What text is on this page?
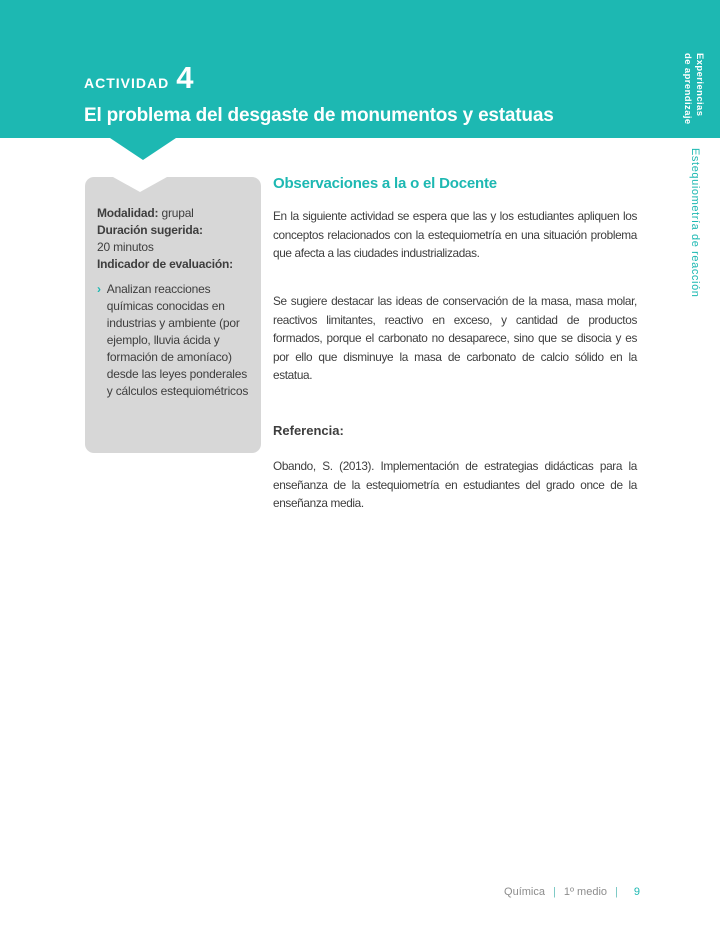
ACTIVIDAD 4
El problema del desgaste de monumentos y estatuas	Experiencias
de aprendizaje
Estequiometría de reacción

Modalidad: grupal

Duración sugerida:

20 minutos

Indicador de evaluación:

› Analizan reacciones químicas conocidas en industrias y ambiente (por ejemplo, lluvia ácida y formación de amoníaco) desde las leyes ponderales y cálculos estequiométricos
Observaciones a la o el Docente

En la siguiente actividad se espera que las y los estudiantes apliquen los conceptos relacionados con la estequiometría en una situación problema que afecta a las ciudades industrializadas.

Se sugiere destacar las ideas de conservación de la masa, masa molar, reactivos limitantes, reactivo en exceso, y cantidad de productos formados, porque el carbonato no desaparece, sino que se disocia y es por ello que disminuye la masa de carbonato de calcio sólido en la estatua.

Referencia:

Obando, S. (2013). Implementación de estrategias didácticas para la enseñanza de la estequiometría en estudiantes del grado once de la enseñanza media.

Química | 1º medio | 9
